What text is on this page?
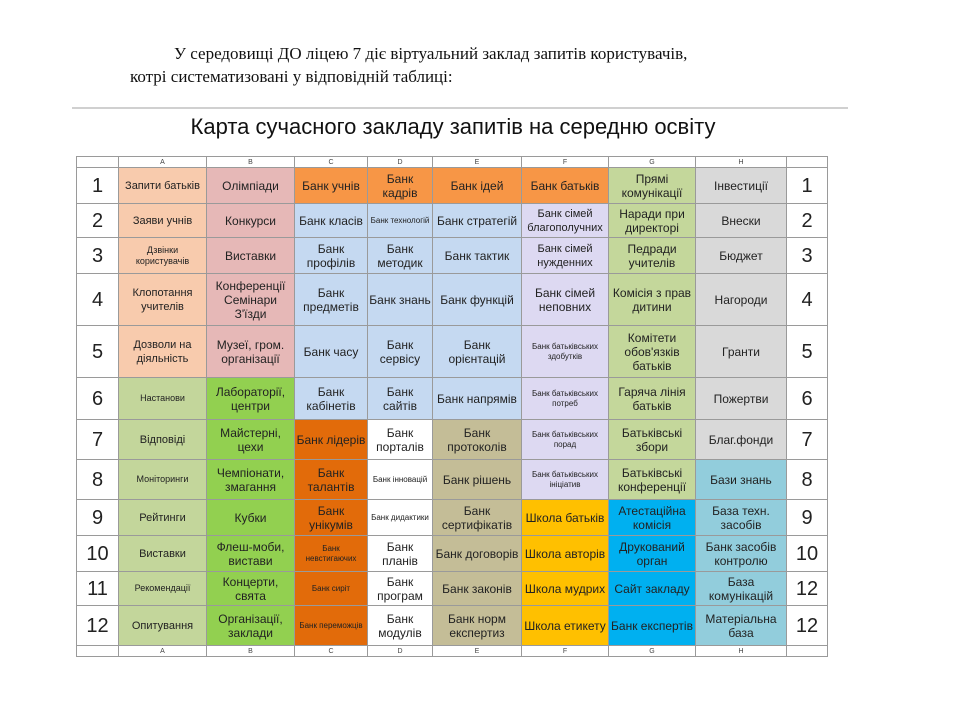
У середовищі ДО ліцею 7 діє віртуальний заклад запитів користувачів,
котрі систематизовані у відповідній таблиці:
Карта сучасного закладу запитів на середню освіту
	A	B	C	D	E	F	G	H	
1	Запити батьків	Олімпіади	Банк учнів	Банк кадрів	Банк ідей	Банк батьків	Прямі комунікації	Інвестиції	1
2	Заяви учнів	Конкурси	Банк класів	Банк технологій	Банк стратегій	Банк сімей благополучних	Наради при директорі	Внески	2
3	Дзвінки користувачів	Виставки	Банк профілів	Банк методик	Банк тактик	Банк сімей нужденних	Педради учителів	Бюджет	3
4	Клопотання учителів	Конференції Семінари З'їзди	Банк предметів	Банк знань	Банк функцій	Банк сімей неповних	Комісія з прав дитини	Нагороди	4
5	Дозволи на діяльність	Музеї, гром. організації	Банк часу	Банк сервісу	Банк орієнтацій	Банк батьківських здобутків	Комітети обов'язків батьків	Гранти	5
6	Настанови	Лабораторії, центри	Банк кабінетів	Банк сайтів	Банк напрямів	Банк батьківських потреб	Гаряча лінія батьків	Пожертви	6
7	Відповіді	Майстерні, цехи	Банк лідерів	Банк порталів	Банк протоколів	Банк батьківських порад	Батьківські збори	Благ.фонди	7
8	Моніторинги	Чемпіонати, змагання	Банк талантів	Банк інновацій	Банк рішень	Банк батьківських ініціатив	Батьківські конференції	Бази знань	8
9	Рейтинги	Кубки	Банк унікумів	Банк дидактики	Банк сертифікатів	Школа батьків	Атестаційна комісія	База техн. засобів	9
10	Виставки	Флеш-моби, вистави	Банк невстигаючих	Банк планів	Банк договорів	Школа авторів	Друкований орган	Банк засобів контролю	10
11	Рекомендації	Концерти, свята	Банк сиріт	Банк програм	Банк законів	Школа мудрих	Сайт закладу	База комунікацій	12
12	Опитування	Організації, заклади	Банк переможців	Банк модулів	Банк норм експертиз	Школа етикету	Банк експертів	Матеріальна база	12
	A	B	C	D	E	F	G	H	
